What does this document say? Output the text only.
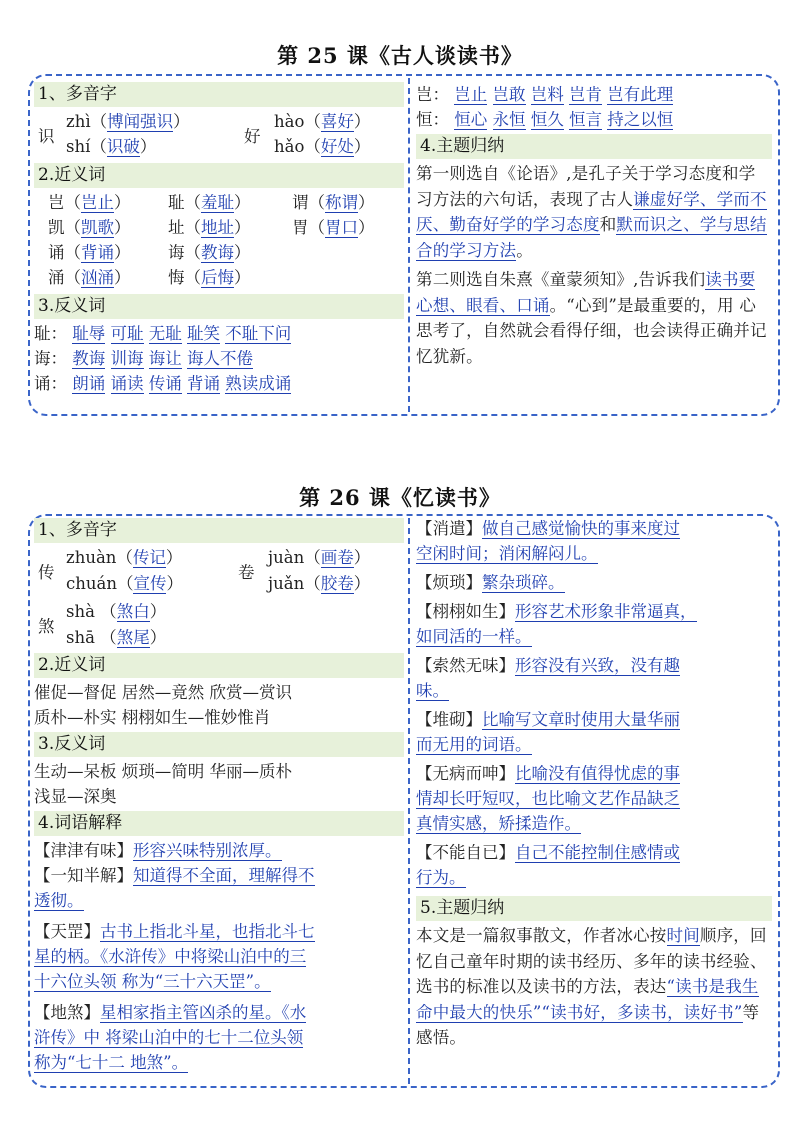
第 25 课《古人谈读书》
1、多音字
识
zhì（博闻强识）
shí（识破）
好
hào（喜好）
hǎo（好处）
2.近义词
岂（岂止） 耻（羞耻）	谓（称谓）
凯（凯歌） 址（地址）	胃（胃口）
诵（背诵） 诲（教诲）
涌（汹涌） 悔（后悔）
3.反义词
耻： 耻辱 可耻 无耻 耻笑 不耻下问
诲： 教诲 训诲 诲让 诲人不倦
诵： 朗诵 诵读 传诵 背诵 熟读成诵
岂： 岂止 岂敢 岂料 岂肯 岂有此理
恒： 恒心 永恒 恒久 恒言 持之以恒
4.主题归纳
第一则选自《论语》,是孔子关于学习态度和学习方法的六句话，表现了古人谦虚好学、学而不厌、勤奋好学的学习态度和默而识之、学与思结合的学习方法。
第二则选自朱熹《童蒙须知》,告诉我们读书要心想、眼看、口诵。“心到”是最重要的，用 心思考了，自然就会看得仔细，也会读得正确并记忆犹新。
第 26 课《忆读书》
1、多音字
传
zhuàn（传记）
chuán（宣传）
卷
juàn（画卷）
juǎn（胶卷）
煞
shà （煞白）
shā （煞尾）
2.近义词
催促—督促 居然—竟然 欣赏—赏识
质朴—朴实 栩栩如生—惟妙惟肖
3.反义词
生动—呆板 烦琐—简明 华丽—质朴
浅显—深奥
4.词语解释
【津津有味】形容兴味特别浓厚。
【一知半解】知道得不全面，理解得不
透彻。
【天罡】古书上指北斗星，也指北斗七
星的柄。《水浒传》中将梁山泊中的三
十六位头领 称为“三十六天罡”。
【地煞】星相家指主管凶杀的星。《水
浒传》中 将梁山泊中的七十二位头领
称为“七十二 地煞”。
【消遣】做自己感觉愉快的事来度过
空闲时间；消闲解闷儿。
【烦琐】繁杂琐碎。
【栩栩如生】形容艺术形象非常逼真，
如同活的一样。
【索然无味】形容没有兴致，没有趣
味。
【堆砌】比喻写文章时使用大量华丽
而无用的词语。
【无病而呻】比喻没有值得忧虑的事
情却长吁短叹，也比喻文艺作品缺乏
真情实感，矫揉造作。
【不能自已】自己不能控制住感情或
行为。
5.主题归纳
本文是一篇叙事散文，作者冰心按时间顺序，回忆自己童年时期的读书经历、多年的读书经验、选书的标准以及读书的方法，表达“读书是我生命中最大的快乐”“读书好，多读书，读好书”等感悟。
